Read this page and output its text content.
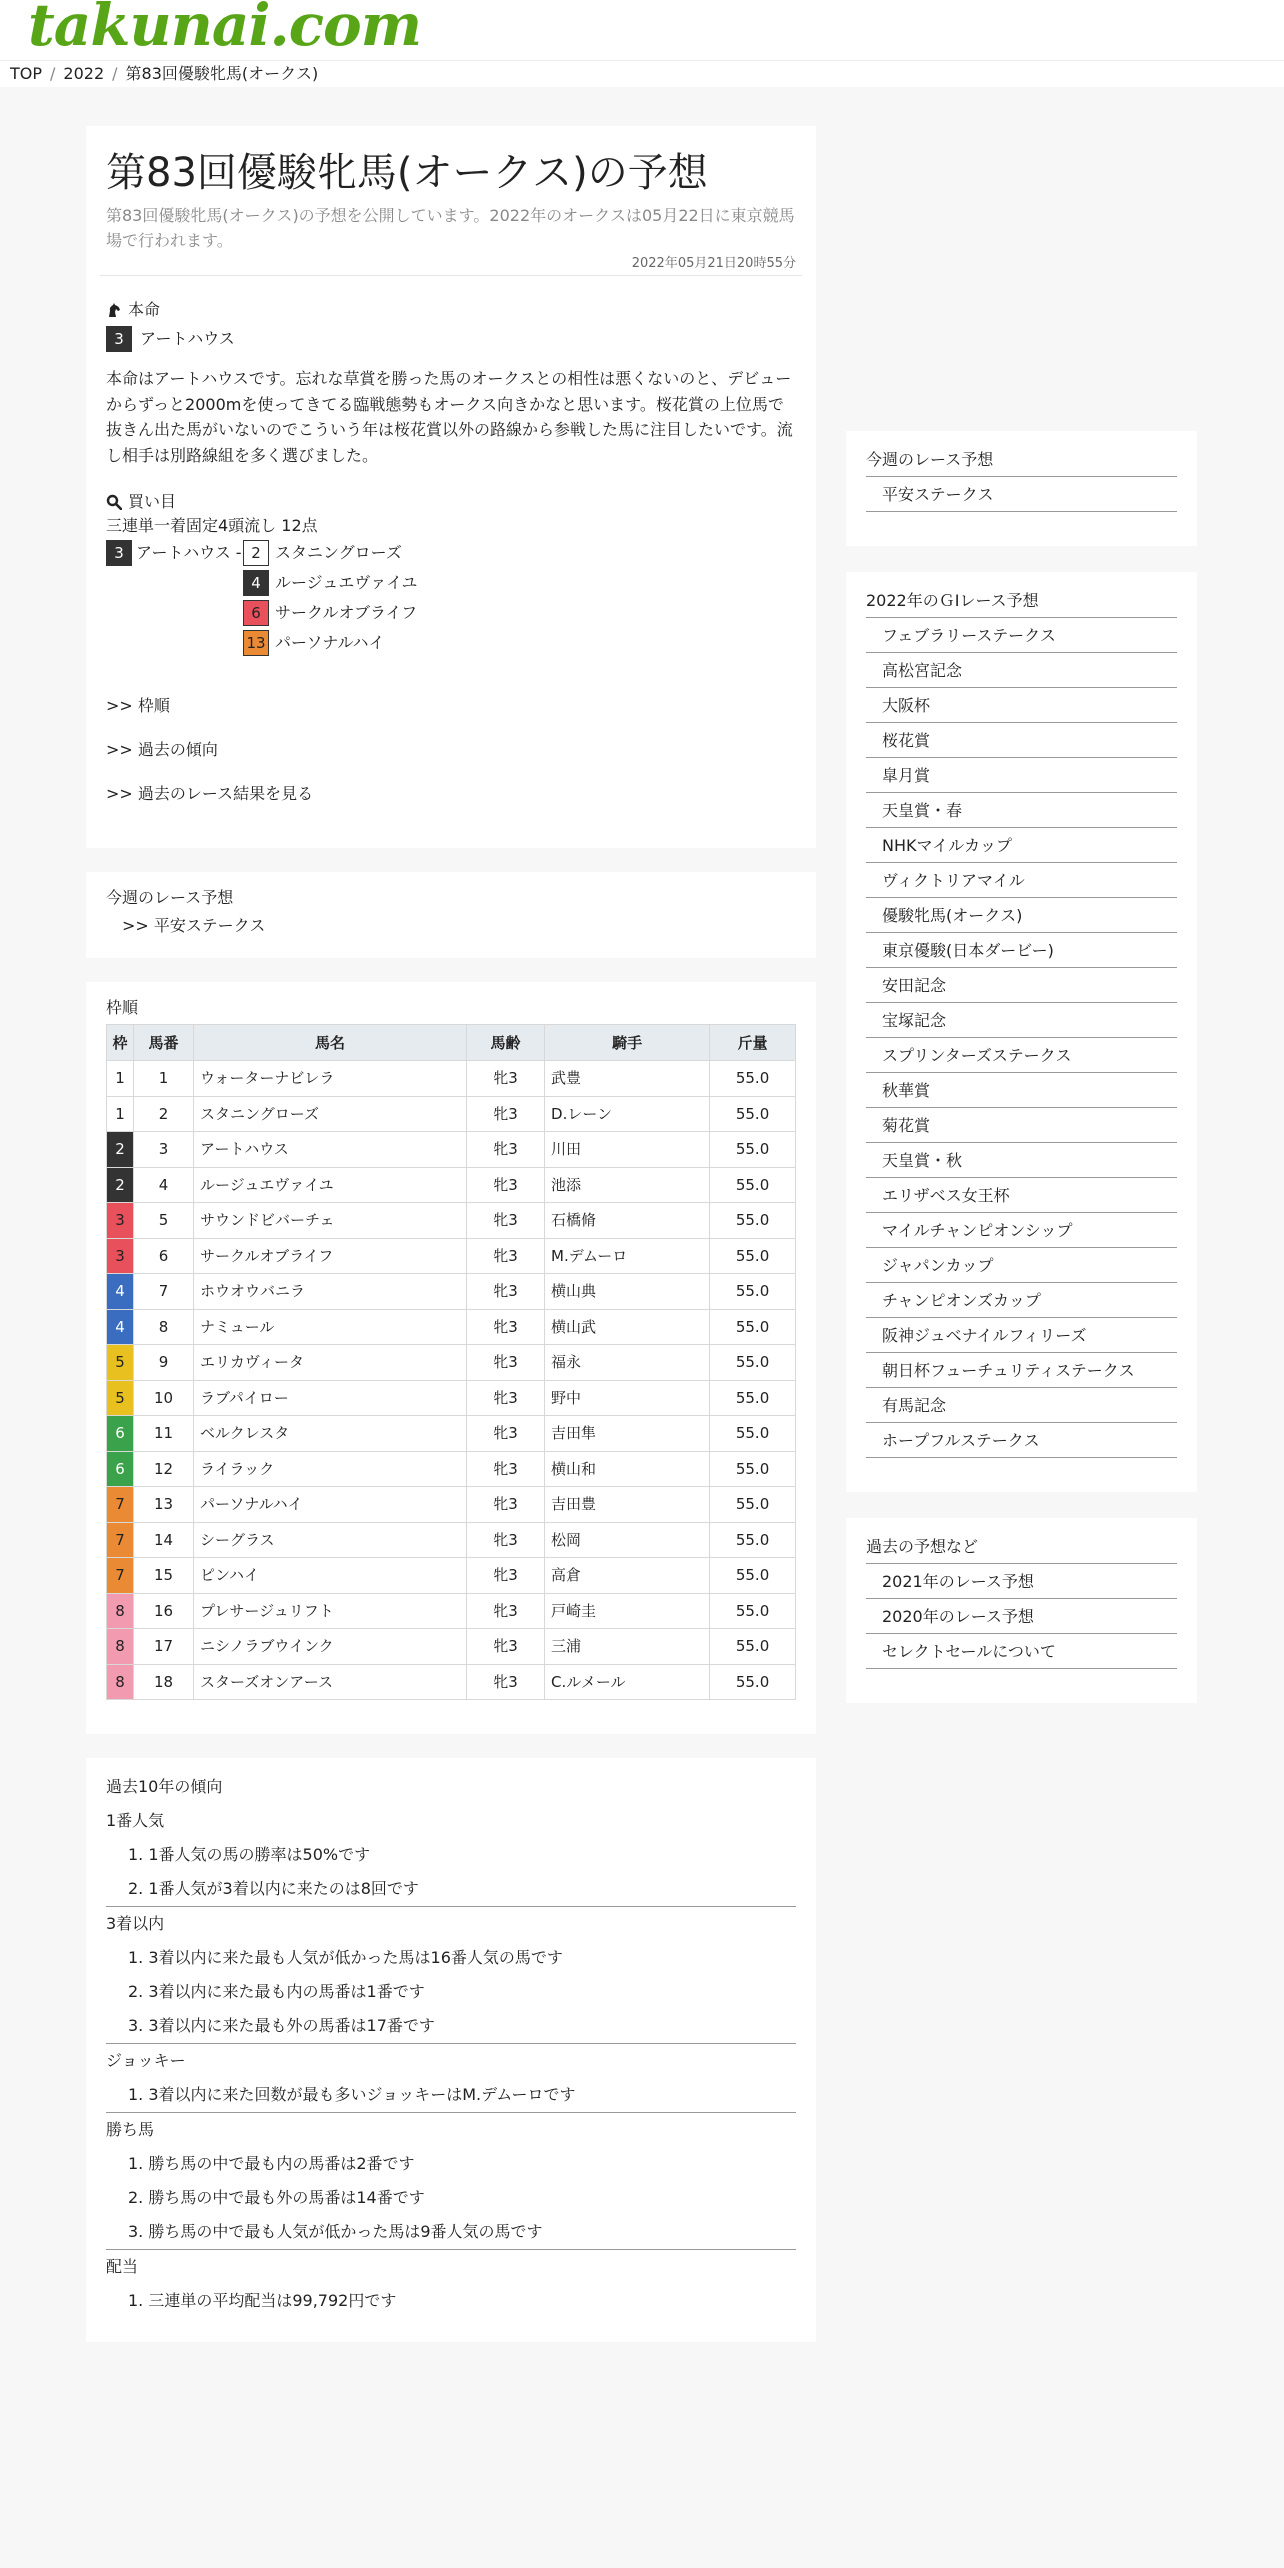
takunai.com
TOP / 2022 / 第83回優駿牝馬(オークス)
第83回優駿牝馬(オークス)の予想

第83回優駿牝馬(オークス)の予想を公開しています。2022年のオークスは05月22日に東京競馬場で行われます。

2022年05月21日20時55分
本命
3	アートハウス

本命はアートハウスです。忘れな草賞を勝った馬のオークスとの相性は悪くないのと、デビューからずっと2000mを使ってきてる臨戦態勢もオークス向きかなと思います。桜花賞の上位馬で抜きん出た馬がいないのでこういう年は桜花賞以外の路線から参戦した馬に注目したいです。流し相手は別路線組を多く選びました。

買い目
三連単一着固定4頭流し 12点
3 アートハウス - 2 スタニングローズ
4 ルージュエヴァイユ
6 サークルオブライフ
13 パーソナルハイ
>> 枠順
>> 過去の傾向
>> 過去のレース結果を見る
今週のレース予想
>> 平安ステークス
枠順
枠	馬番	馬名	馬齢	騎手	斤量
1	1	ウォーターナビレラ	牝3	武豊	55.0
1	2	スタニングローズ	牝3	D.レーン	55.0
2	3	アートハウス	牝3	川田	55.0
2	4	ルージュエヴァイユ	牝3	池添	55.0
3	5	サウンドビバーチェ	牝3	石橋脩	55.0
3	6	サークルオブライフ	牝3	M.デムーロ	55.0
4	7	ホウオウバニラ	牝3	横山典	55.0
4	8	ナミュール	牝3	横山武	55.0
5	9	エリカヴィータ	牝3	福永	55.0
5	10	ラブパイロー	牝3	野中	55.0
6	11	ベルクレスタ	牝3	吉田隼	55.0
6	12	ライラック	牝3	横山和	55.0
7	13	パーソナルハイ	牝3	吉田豊	55.0
7	14	シーグラス	牝3	松岡	55.0
7	15	ピンハイ	牝3	高倉	55.0
8	16	プレサージュリフト	牝3	戸崎圭	55.0
8	17	ニシノラブウインク	牝3	三浦	55.0
8	18	スターズオンアース	牝3	C.ルメール	55.0
過去10年の傾向
1番人気
1. 1番人気の馬の勝率は50%です
2. 1番人気が3着以内に来たのは8回です
3着以内
1. 3着以内に来た最も人気が低かった馬は16番人気の馬です
2. 3着以内に来た最も内の馬番は1番です
3. 3着以内に来た最も外の馬番は17番です
ジョッキー
1. 3着以内に来た回数が最も多いジョッキーはM.デムーロです
勝ち馬
1. 勝ち馬の中で最も内の馬番は2番です
2. 勝ち馬の中で最も外の馬番は14番です
3. 勝ち馬の中で最も人気が低かった馬は9番人気の馬です
配当
1. 三連単の平均配当は99,792円です
今週のレース予想
平安ステークス
2022年のＧⅠレース予想
フェブラリーステークス
高松宮記念
大阪杯
桜花賞
皐月賞
天皇賞・春
NHKマイルカップ
ヴィクトリアマイル
優駿牝馬(オークス)
東京優駿(日本ダービー)
安田記念
宝塚記念
スプリンターズステークス
秋華賞
菊花賞
天皇賞・秋
エリザベス女王杯
マイルチャンピオンシップ
ジャパンカップ
チャンピオンズカップ
阪神ジュベナイルフィリーズ
朝日杯フューチュリティステークス
有馬記念
ホープフルステークス
過去の予想など
2021年のレース予想
2020年のレース予想
セレクトセールについて
